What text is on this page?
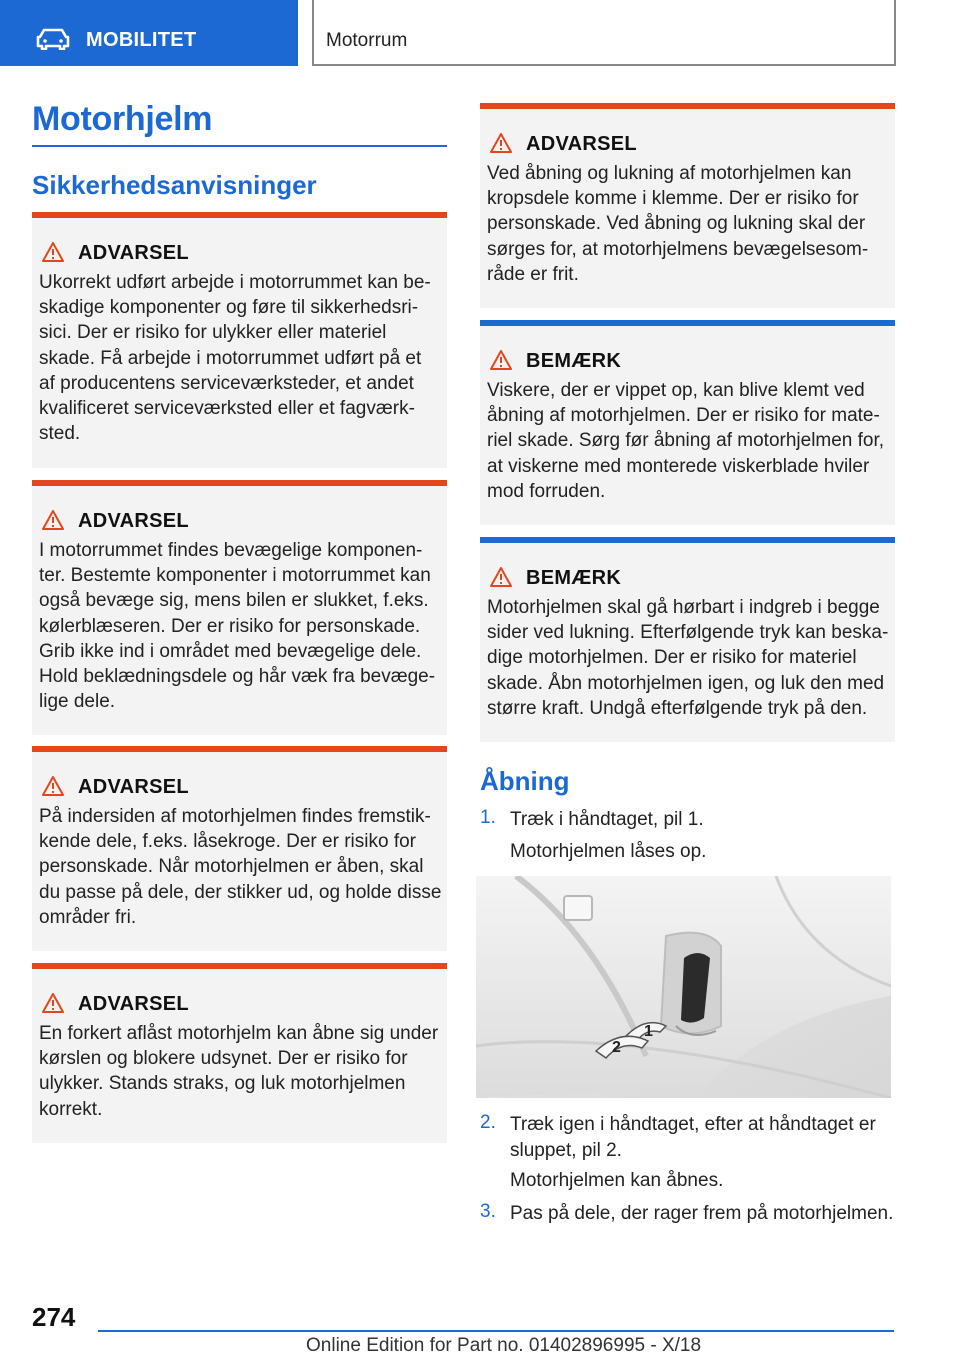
MOBILITET	Motorrum
Motorhjelm
Sikkerhedsanvisninger
ADVARSEL
Ukorrekt udført arbejde i motorrummet kan be-
skadige komponenter og føre til sikkerhedsri-
sici. Der er risiko for ulykker eller materiel
skade. Få arbejde i motorrummet udført på et
af producentens serviceværksteder, et andet
kvalificeret serviceværksted eller et fagværk-
sted.
ADVARSEL
I motorrummet findes bevægelige komponen-
ter. Bestemte komponenter i motorrummet kan
også bevæge sig, mens bilen er slukket, f.eks.
kølerblæseren. Der er risiko for personskade.
Grib ikke ind i området med bevægelige dele.
Hold beklædningsdele og hår væk fra bevæge-
lige dele.
ADVARSEL
På indersiden af motorhjelmen findes fremstik-
kende dele, f.eks. låsekroge. Der er risiko for
personskade. Når motorhjelmen er åben, skal
du passe på dele, der stikker ud, og holde disse
områder fri.
ADVARSEL
En forkert aflåst motorhjelm kan åbne sig under
kørslen og blokere udsynet. Der er risiko for
ulykker. Stands straks, og luk motorhjelmen
korrekt.
ADVARSEL
Ved åbning og lukning af motorhjelmen kan
kropsdele komme i klemme. Der er risiko for
personskade. Ved åbning og lukning skal der
sørges for, at motorhjelmens bevægelsesom-
råde er frit.
BEMÆRK
Viskere, der er vippet op, kan blive klemt ved
åbning af motorhjelmen. Der er risiko for mate-
riel skade. Sørg før åbning af motorhjelmen for,
at viskerne med monterede viskerblade hviler
mod forruden.
BEMÆRK
Motorhjelmen skal gå hørbart i indgreb i begge
sider ved lukning. Efterfølgende tryk kan beska-
dige motorhjelmen. Der er risiko for materiel
skade. Åbn motorhjelmen igen, og luk den med
større kraft. Undgå efterfølgende tryk på den.
Åbning
1. Træk i håndtaget, pil 1.
Motorhjelmen låses op.
1
2
2. Træk igen i håndtaget, efter at håndtaget er
sluppet, pil 2.
Motorhjelmen kan åbnes.
3. Pas på dele, der rager frem på motorhjelmen.
274
Online Edition for Part no. 01402896995 - X/18
